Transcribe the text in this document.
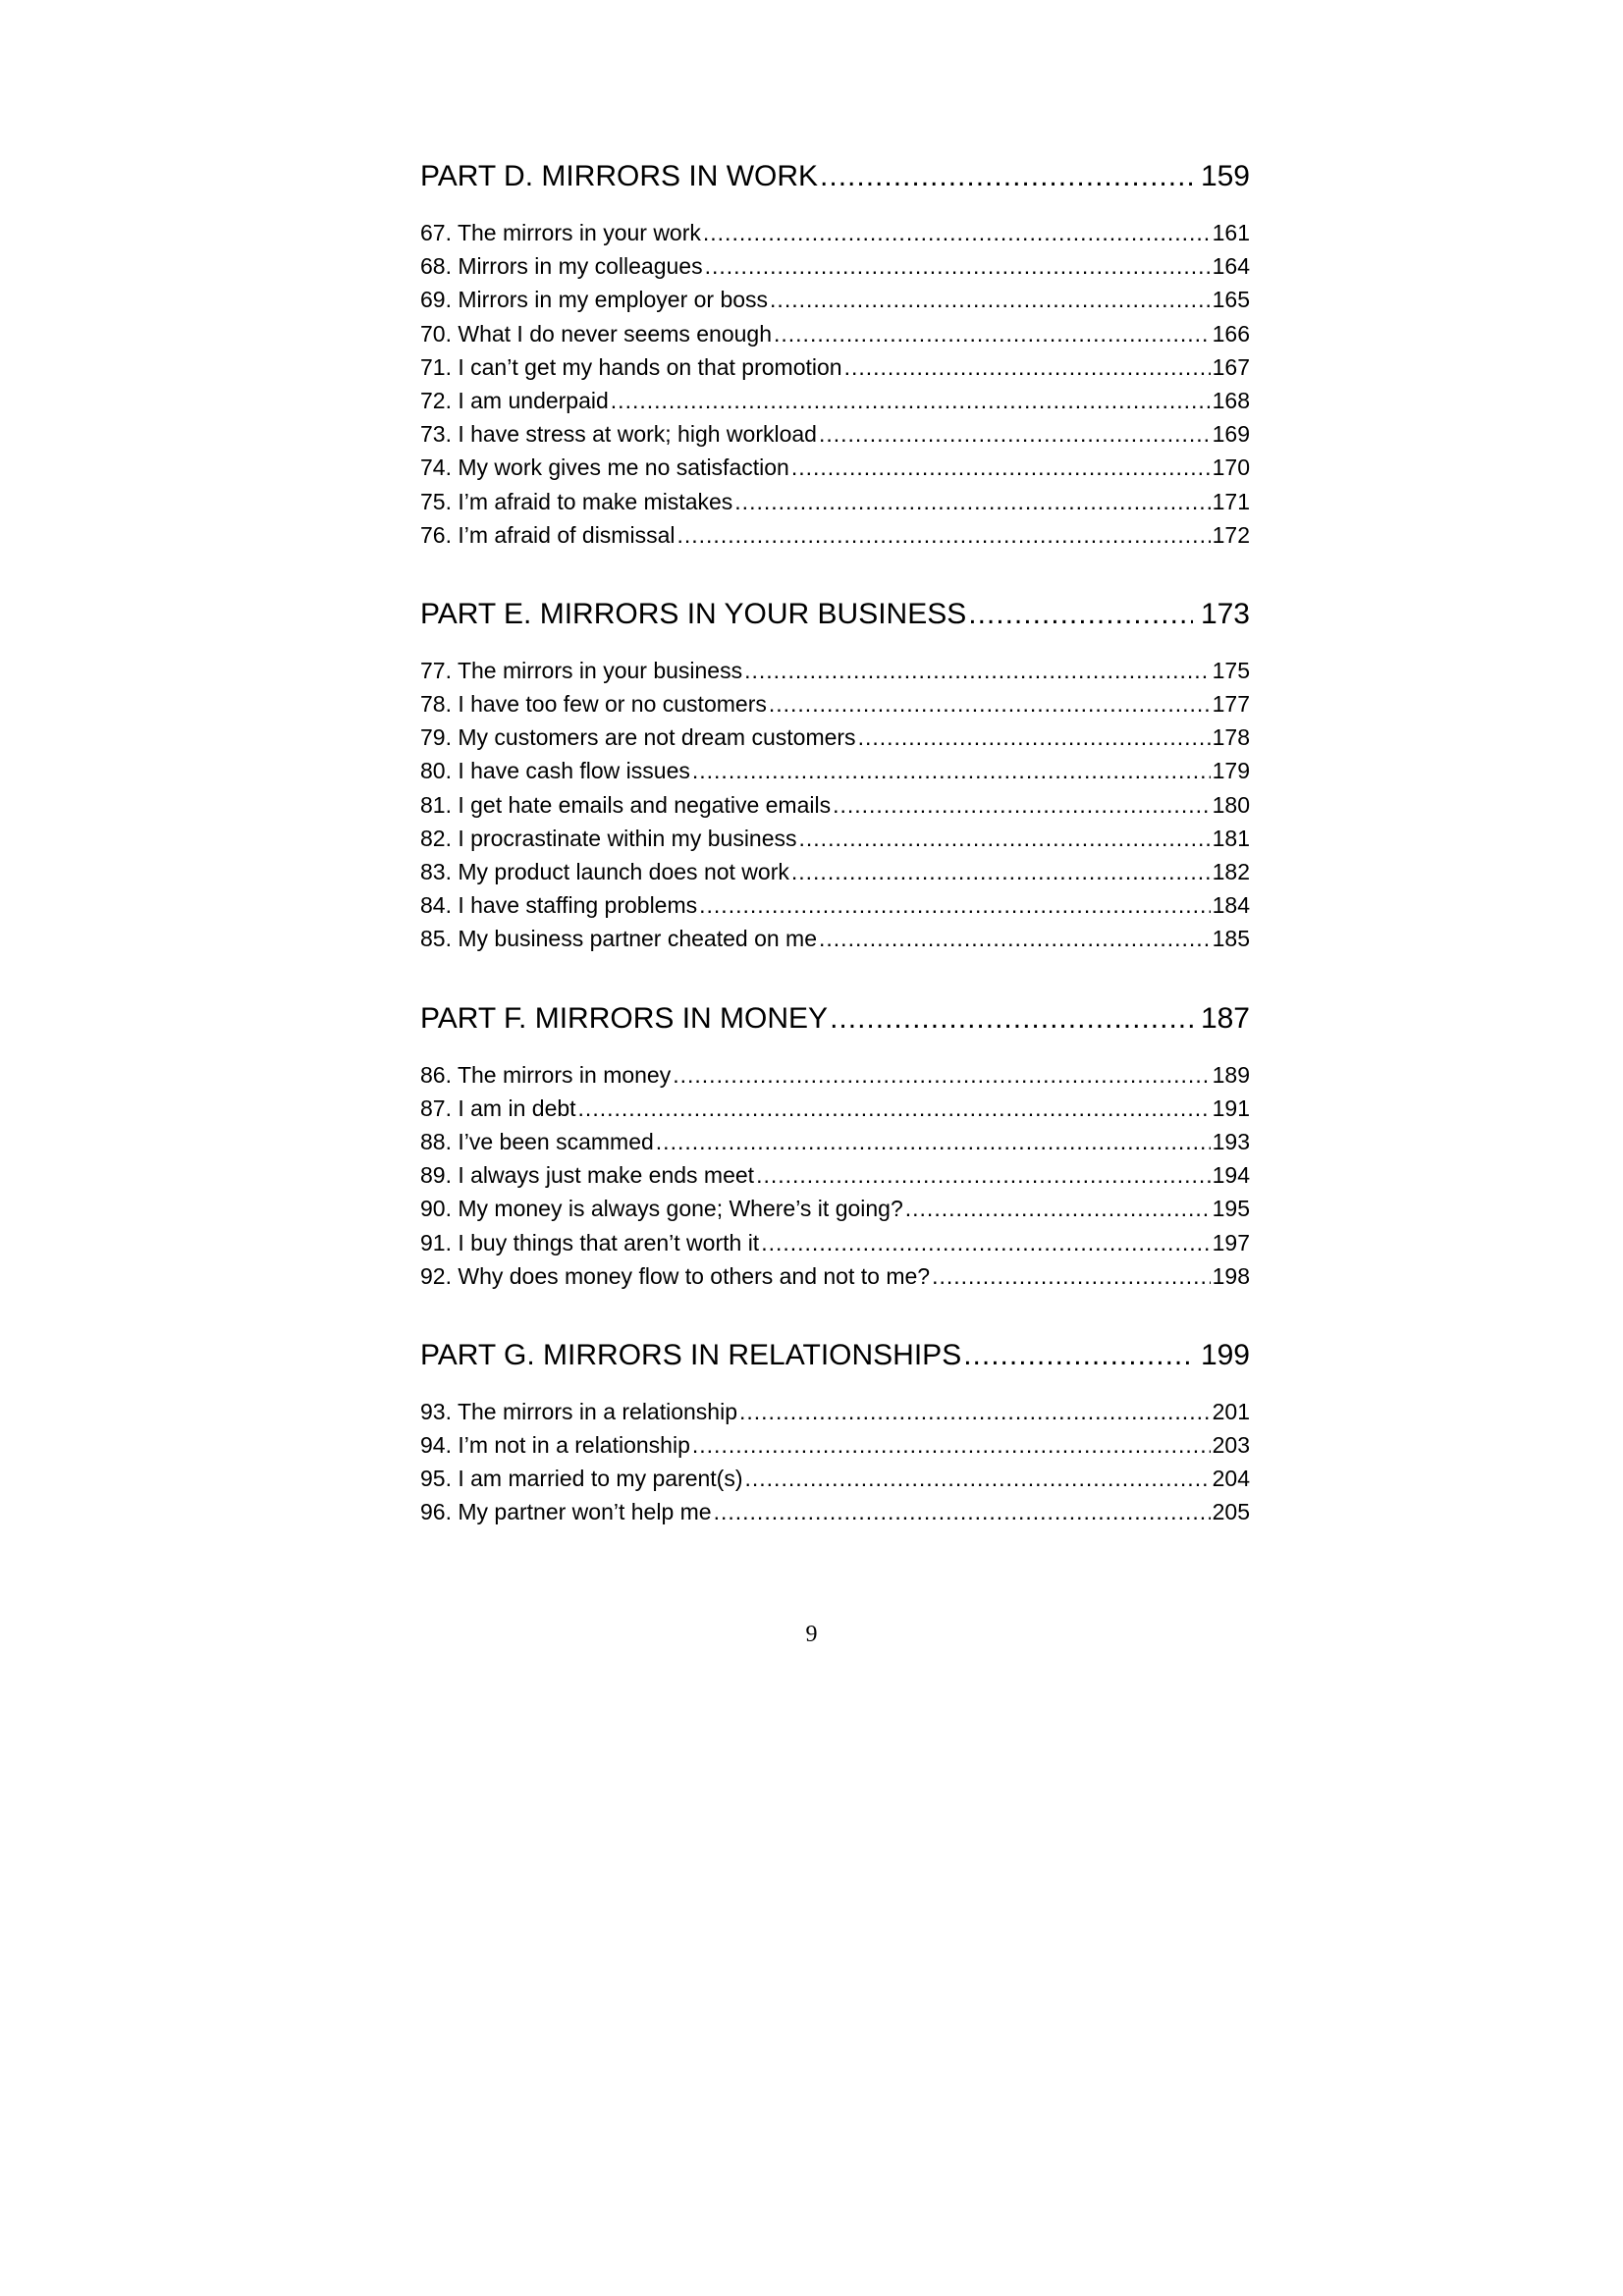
PART D. MIRRORS IN WORK .....	159
67. The mirrors in your work .....	161
68. Mirrors in my colleagues .....	164
69. Mirrors in my employer or boss .....	165
70. What I do never seems enough .....	166
71. I can’t get my hands on that promotion .....	167
72. I am underpaid .....	168
73. I have stress at work; high workload .....	169
74. My work gives me no satisfaction .....	170
75. I’m afraid to make mistakes .....	171
76. I’m afraid of dismissal .....	172
PART E. MIRRORS IN YOUR BUSINESS .....	173
77. The mirrors in your business .....	175
78. I have too few or no customers .....	177
79. My customers are not dream customers .....	178
80. I have cash flow issues .....	179
81. I get hate emails and negative emails .....	180
82. I procrastinate within my business .....	181
83. My product launch does not work .....	182
84. I have staffing problems .....	184
85. My business partner cheated on me .....	185
PART F. MIRRORS IN MONEY .....	187
86. The mirrors in money .....	189
87. I am in debt .....	191
88. I’ve been scammed .....	193
89. I always just make ends meet .....	194
90. My money is always gone; Where’s it going? .....	195
91. I buy things that aren’t worth it .....	197
92. Why does money flow to others and not to me? .....	198
PART G. MIRRORS IN RELATIONSHIPS .....	199
93. The mirrors in a relationship .....	201
94. I’m not in a relationship .....	203
95. I am married to my parent(s) .....	204
96. My partner won’t help me .....	205
9
